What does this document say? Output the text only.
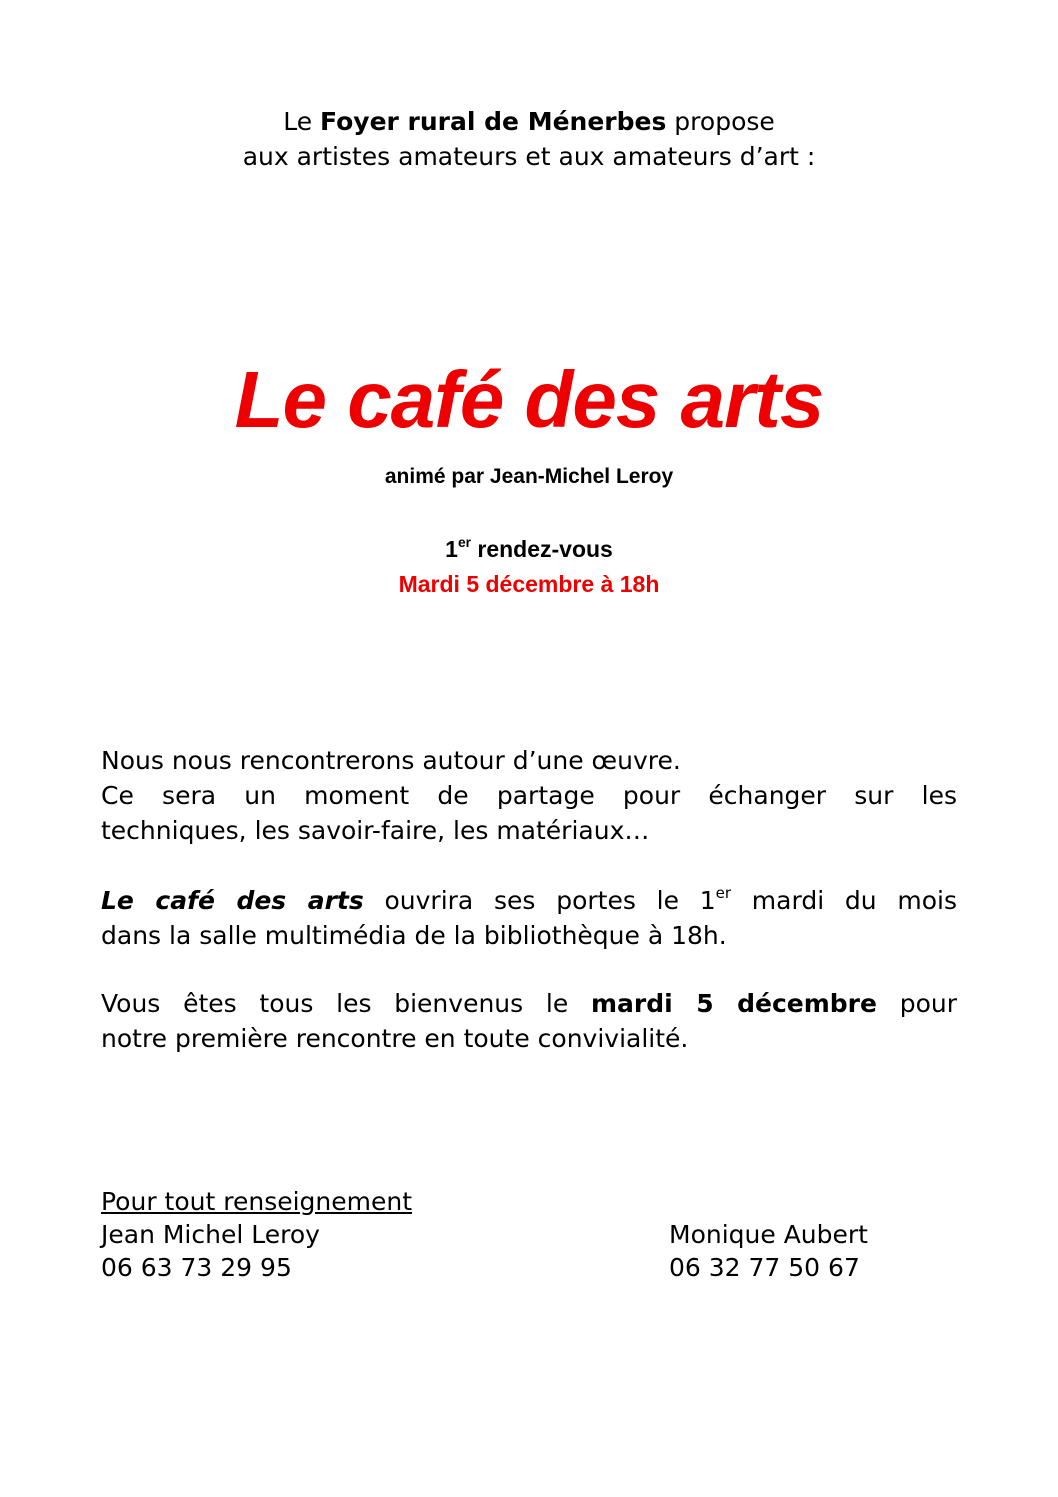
Le Foyer rural de Ménerbes propose
aux artistes amateurs et aux amateurs d’art :
Le café des arts
animé par Jean-Michel Leroy
1er rendez-vous
Mardi 5 décembre à 18h
Nous nous rencontrerons autour d’une œuvre.
Ce sera un moment de partage pour échanger sur les
techniques, les savoir-faire, les matériaux…
Le café des arts ouvrira ses portes le 1er mardi du mois
dans la salle multimédia de la bibliothèque à 18h.
Vous êtes tous les bienvenus le mardi 5 décembre pour
notre première rencontre en toute convivialité.
Pour tout renseignement
Jean Michel Leroy
06 63 73 29 95
Monique Aubert
06 32 77 50 67
